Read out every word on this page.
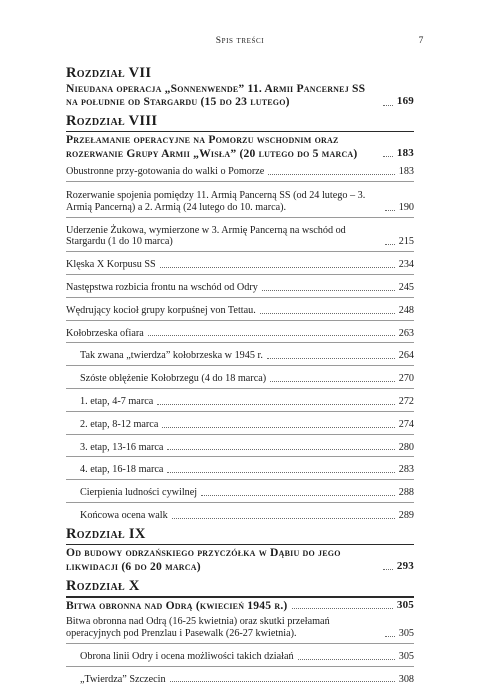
Spis treści	7
Rozdział VII
Nieudana operacja „Sonnenwende” 11. Armii Pancernej SS na południe od Stargardu (15 do 23 lutego)	169
Rozdział VIII
Przełamanie operacyjne na Pomorzu wschodnim oraz rozerwanie Grupy Armii „Wisła” (20 lutego do 5 marca)	183
Obustronne przy-gotowania do walki o Pomorze	183
Rozerwanie spojenia pomiędzy 11. Armią Pancerną SS (od 24 lutego – 3. Armią Pancerną) a 2. Armią (24 lutego do 10. marca).	190
Uderzenie Żukowa, wymierzone w 3. Armię Pancerną na wschód od Stargardu (1 do 10 marca)	215
Klęska X Korpusu SS	234
Następstwa rozbicia frontu na wschód od Odry	245
Wędrujący kocioł grupy korpuśnej von Tettau.	248
Kołobrzeska ofiara	263
Tak zwana „twierdza” kołobrzeska w 1945 r.	264
Szóste oblężenie Kołobrzegu (4 do 18 marca)	270
1. etap, 4-7 marca	272
2. etap, 8-12 marca	274
3. etap, 13-16 marca	280
4. etap, 16-18 marca	283
Cierpienia ludności cywilnej	288
Końcowa ocena walk	289
Rozdział IX
Od budowy odrzańskiego przyczółka w Dąbiu do jego likwidacji (6 do 20 marca)	293
Rozdział X
Bitwa obronna nad Odrą (kwiecień 1945 r.)	305
Bitwa obronna nad Odrą (16-25 kwietnia) oraz skutki przełamań operacyjnych pod Prenzlau i Pasewalk (26-27 kwietnia).	305
Obrona linii Odry i ocena możliwości takich działań	305
„Twierdza” Szczecin	308
